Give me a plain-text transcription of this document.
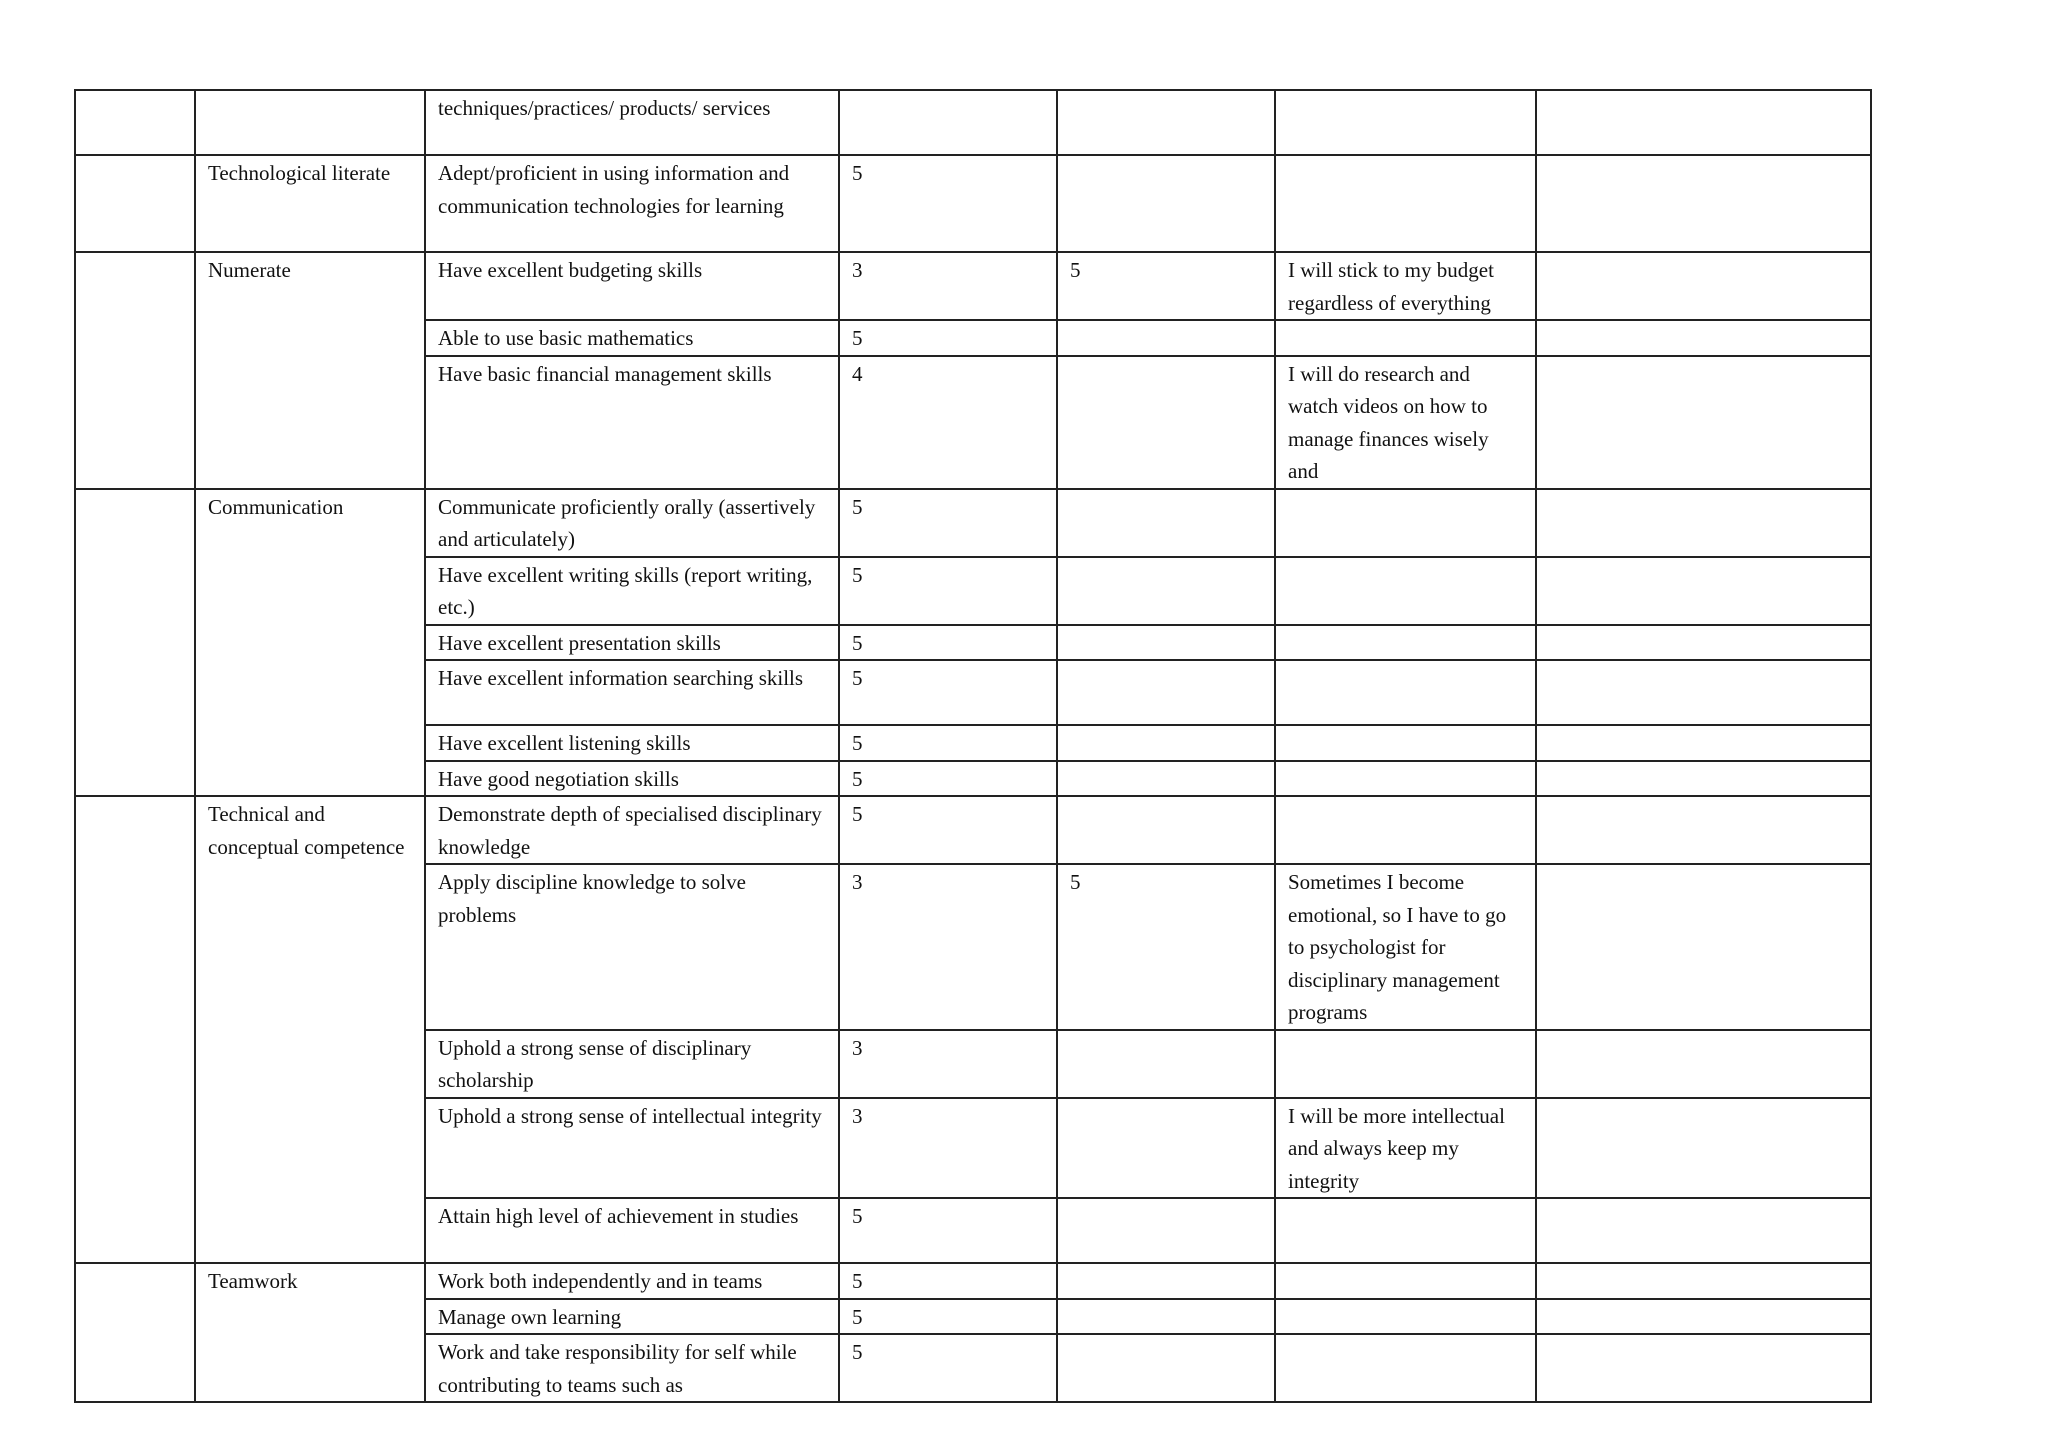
		techniques/practices/ products/ services				
	Technological literate	Adept/proficient in using information and communication technologies for learning	5			
	Numerate	Have excellent budgeting skills	3	5	I will stick to my budget regardless of everything	
		Able to use basic mathematics	5			
		Have basic financial management skills	4		I will do research and watch videos on how to manage finances wisely and	
	Communication	Communicate proficiently orally (assertively and articulately)	5			
		Have excellent writing skills (report writing, etc.)	5			
		Have excellent presentation skills	5			
		Have excellent information searching skills	5			
		Have excellent listening skills	5			
		Have good negotiation skills	5			
	Technical and conceptual competence	Demonstrate depth of specialised disciplinary knowledge	5			
		Apply discipline knowledge to solve problems	3	5	Sometimes I become emotional, so I have to go to psychologist for disciplinary management programs	
		Uphold a strong sense of disciplinary scholarship	3			
		Uphold a strong sense of intellectual integrity	3		I will be more intellectual and always keep my integrity	
		Attain high level of achievement in studies	5			
	Teamwork	Work both independently and in teams	5			
		Manage own learning	5			
		Work and take responsibility for self while contributing to teams such as	5			
